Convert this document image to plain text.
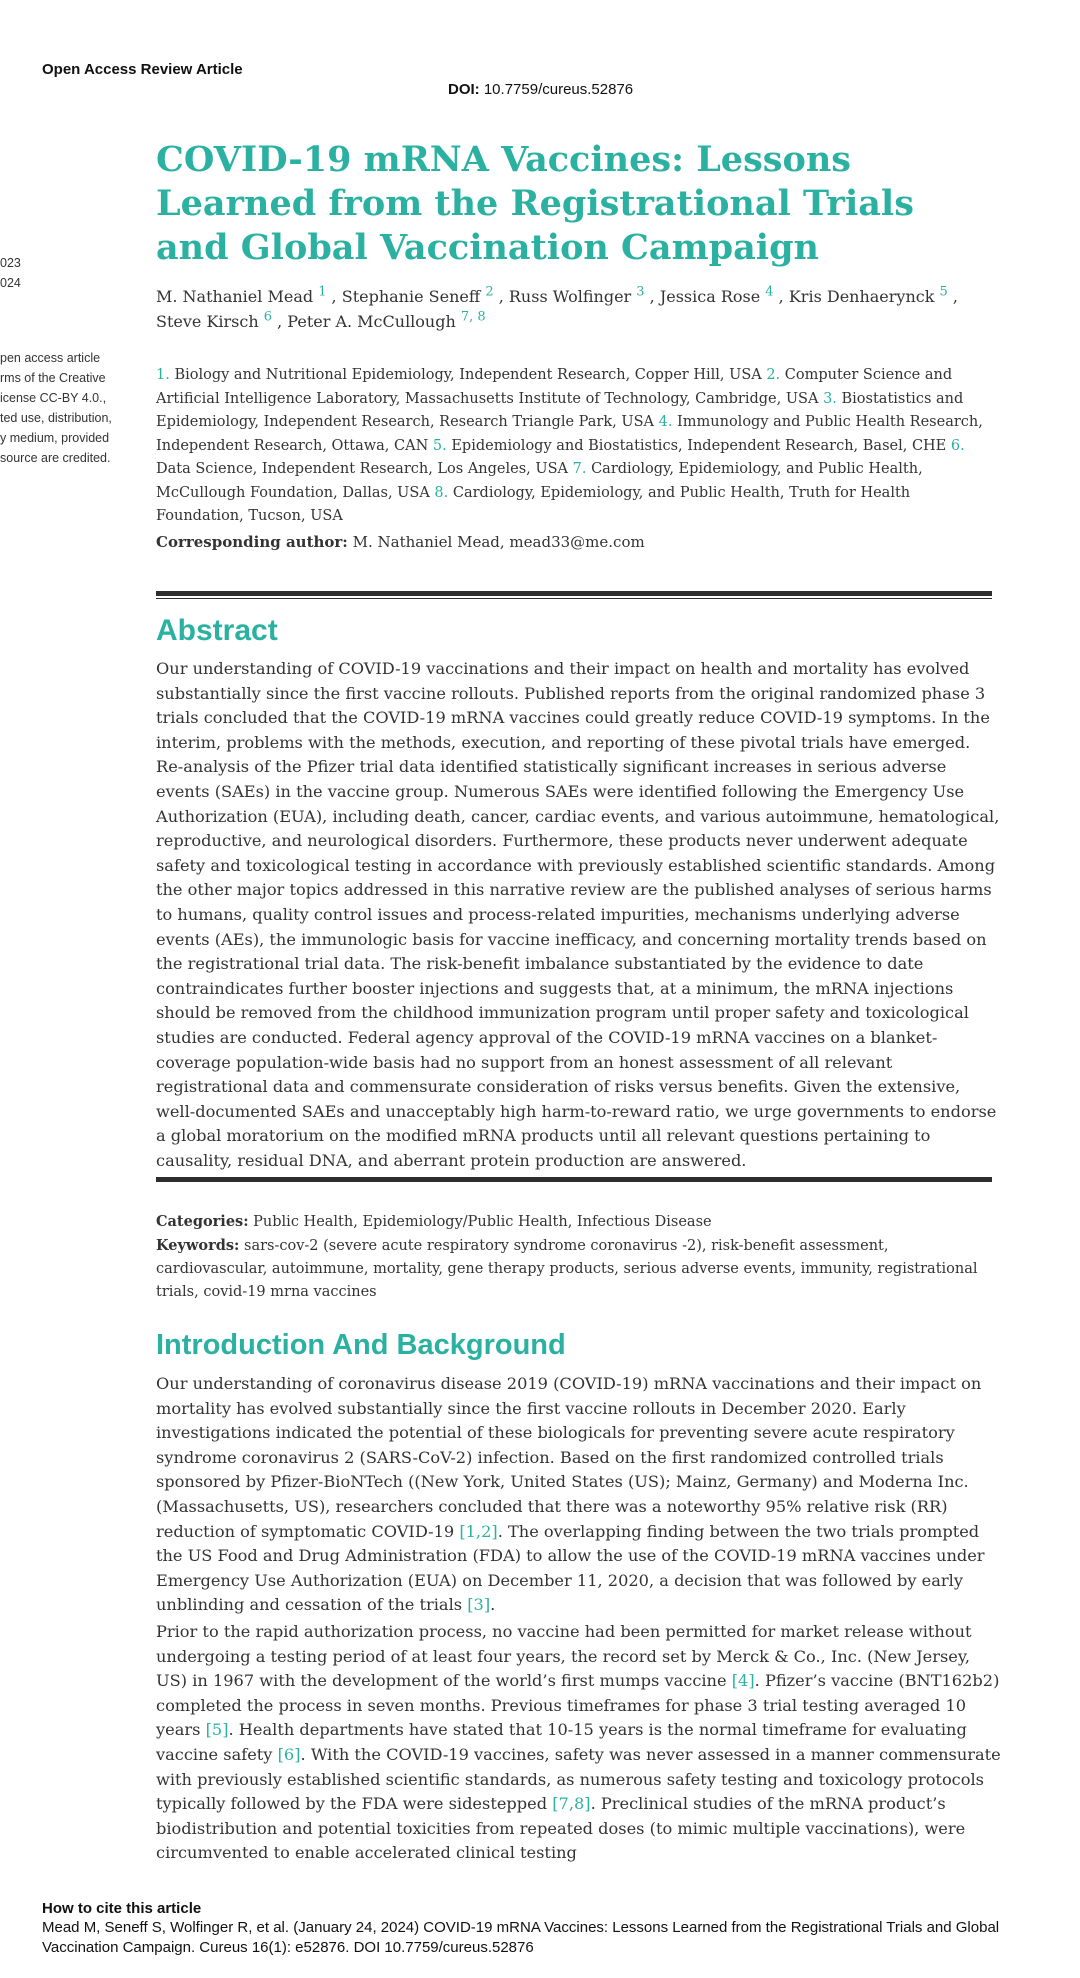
Open Access Review Article
DOI: 10.7759/cureus.52876
023
024
pen access article
rms of the Creative
icense CC-BY 4.0.,
ted use, distribution,
y medium, provided
source are credited.
COVID-19 mRNA Vaccines: Lessons Learned from the Registrational Trials and Global Vaccination Campaign
M. Nathaniel Mead $^1$ , Stephanie Seneff $^2$ , Russ Wolfinger $^3$ , Jessica Rose $^4$ , Kris Denhaerynck $^5$ , Steve Kirsch $^6$ , Peter A. McCullough $^{7, 8}$
1. Biology and Nutritional Epidemiology, Independent Research, Copper Hill, USA 2. Computer Science and Artificial Intelligence Laboratory, Massachusetts Institute of Technology, Cambridge, USA 3. Biostatistics and Epidemiology, Independent Research, Research Triangle Park, USA 4. Immunology and Public Health Research, Independent Research, Ottawa, CAN 5. Epidemiology and Biostatistics, Independent Research, Basel, CHE 6. Data Science, Independent Research, Los Angeles, USA 7. Cardiology, Epidemiology, and Public Health, McCullough Foundation, Dallas, USA 8. Cardiology, Epidemiology, and Public Health, Truth for Health Foundation, Tucson, USA
Corresponding author: M. Nathaniel Mead, mead33@me.com
Abstract

Our understanding of COVID-19 vaccinations and their impact on health and mortality has evolved substantially since the first vaccine rollouts. Published reports from the original randomized phase 3 trials concluded that the COVID-19 mRNA vaccines could greatly reduce COVID-19 symptoms. In the interim, problems with the methods, execution, and reporting of these pivotal trials have emerged. Re-analysis of the Pfizer trial data identified statistically significant increases in serious adverse events (SAEs) in the vaccine group. Numerous SAEs were identified following the Emergency Use Authorization (EUA), including death, cancer, cardiac events, and various autoimmune, hematological, reproductive, and neurological disorders. Furthermore, these products never underwent adequate safety and toxicological testing in accordance with previously established scientific standards. Among the other major topics addressed in this narrative review are the published analyses of serious harms to humans, quality control issues and process-related impurities, mechanisms underlying adverse events (AEs), the immunologic basis for vaccine inefficacy, and concerning mortality trends based on the registrational trial data. The risk-benefit imbalance substantiated by the evidence to date contraindicates further booster injections and suggests that, at a minimum, the mRNA injections should be removed from the childhood immunization program until proper safety and toxicological studies are conducted. Federal agency approval of the COVID-19 mRNA vaccines on a blanket-coverage population-wide basis had no support from an honest assessment of all relevant registrational data and commensurate consideration of risks versus benefits. Given the extensive, well-documented SAEs and unacceptably high harm-to-reward ratio, we urge governments to endorse a global moratorium on the modified mRNA products until all relevant questions pertaining to causality, residual DNA, and aberrant protein production are answered.

Categories: Public Health, Epidemiology/Public Health, Infectious Disease
Keywords: sars-cov-2 (severe acute respiratory syndrome coronavirus -2), risk-benefit assessment, cardiovascular, autoimmune, mortality, gene therapy products, serious adverse events, immunity, registrational trials, covid-19 mrna vaccines
Introduction And Background

Our understanding of coronavirus disease 2019 (COVID-19) mRNA vaccinations and their impact on mortality has evolved substantially since the first vaccine rollouts in December 2020. Early investigations indicated the potential of these biologicals for preventing severe acute respiratory syndrome coronavirus 2 (SARS-CoV-2) infection. Based on the first randomized controlled trials sponsored by Pfizer-BioNTech ((New York, United States (US); Mainz, Germany) and Moderna Inc. (Massachusetts, US), researchers concluded that there was a noteworthy 95% relative risk (RR) reduction of symptomatic COVID-19 [1,2]. The overlapping finding between the two trials prompted the US Food and Drug Administration (FDA) to allow the use of the COVID-19 mRNA vaccines under Emergency Use Authorization (EUA) on December 11, 2020, a decision that was followed by early unblinding and cessation of the trials [3].

Prior to the rapid authorization process, no vaccine had been permitted for market release without undergoing a testing period of at least four years, the record set by Merck & Co., Inc. (New Jersey, US) in 1967 with the development of the world’s first mumps vaccine [4]. Pfizer’s vaccine (BNT162b2) completed the process in seven months. Previous timeframes for phase 3 trial testing averaged 10 years [5]. Health departments have stated that 10-15 years is the normal timeframe for evaluating vaccine safety [6]. With the COVID-19 vaccines, safety was never assessed in a manner commensurate with previously established scientific standards, as numerous safety testing and toxicology protocols typically followed by the FDA were sidestepped [7,8]. Preclinical studies of the mRNA product’s biodistribution and potential toxicities from repeated doses (to mimic multiple vaccinations), were circumvented to enable accelerated clinical testing

How to cite this article
Mead M, Seneff S, Wolfinger R, et al. (January 24, 2024) COVID-19 mRNA Vaccines: Lessons Learned from the Registrational Trials and Global Vaccination Campaign. Cureus 16(1): e52876. DOI 10.7759/cureus.52876
